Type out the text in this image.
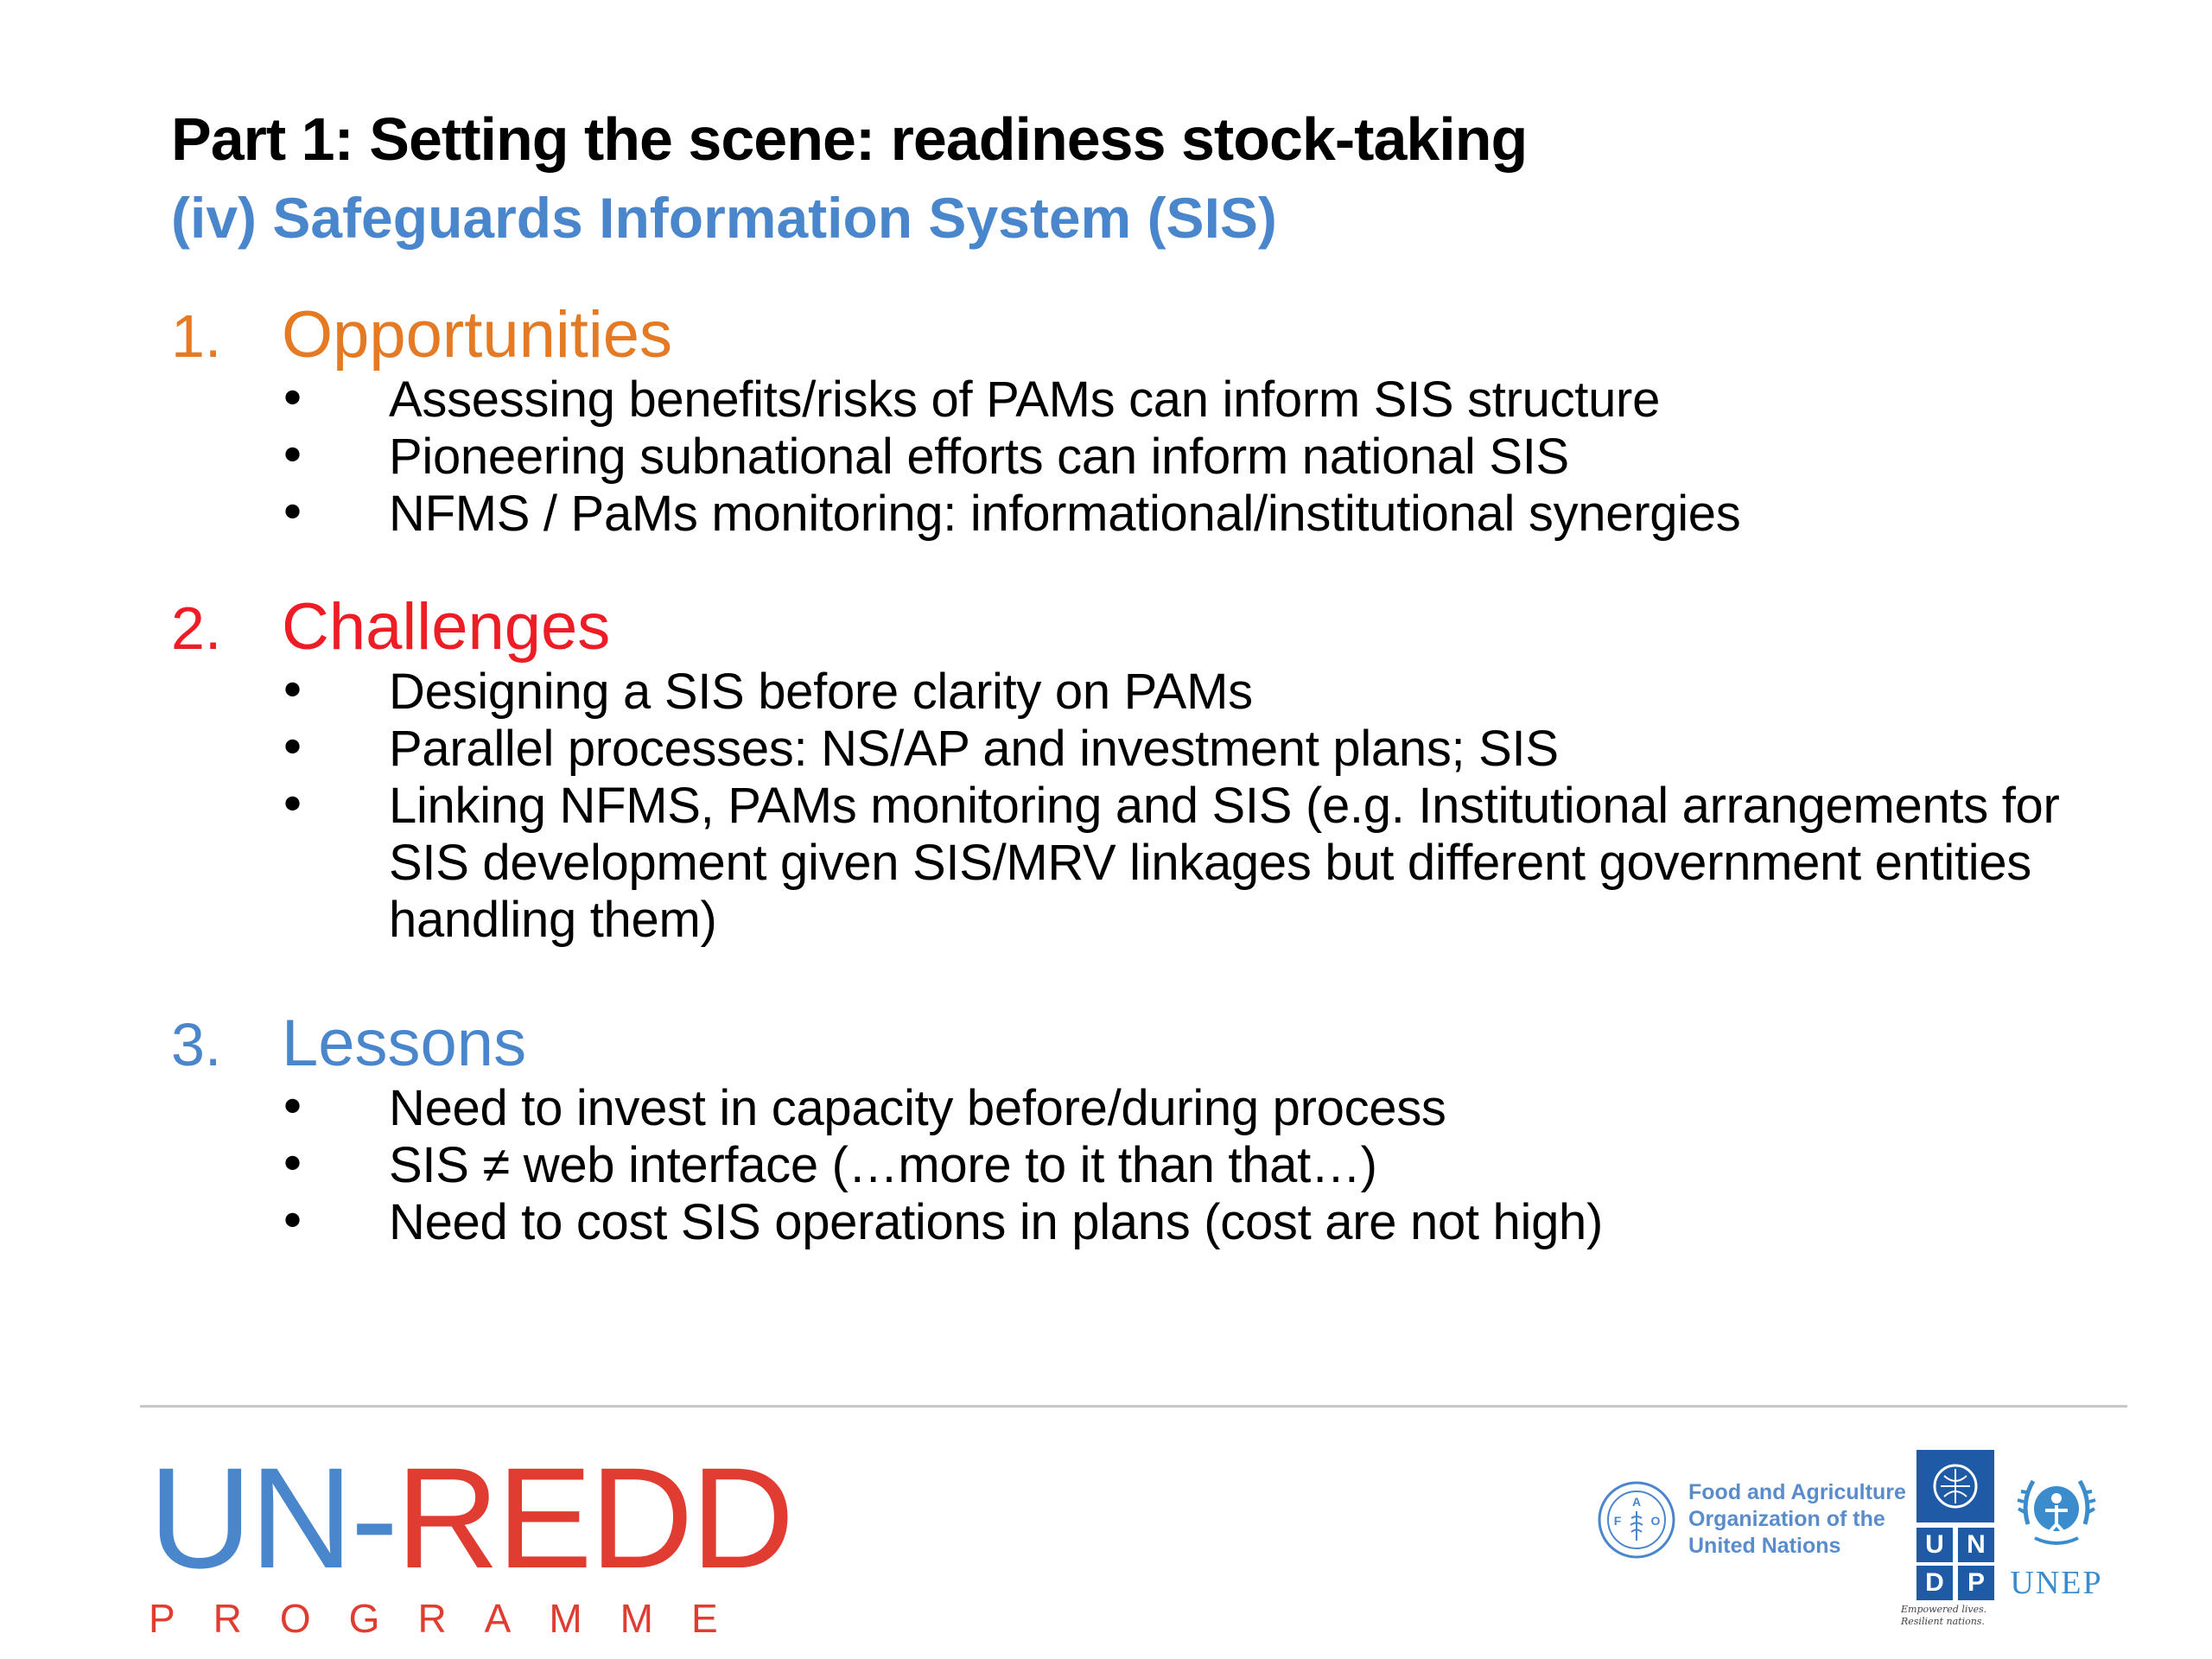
Part 1: Setting the scene: readiness stock-taking
(iv) Safeguards Information System (SIS)
1. Opportunities
•	Assessing benefits/risks of PAMs can inform SIS structure
•	Pioneering subnational efforts can inform national SIS
•	NFMS / PaMs monitoring: informational/institutional synergies
2. Challenges
•	Designing a SIS before clarity on PAMs
•	Parallel processes: NS/AP and investment plans; SIS
•	Linking NFMS, PAMs monitoring and SIS (e.g. Institutional arrangements for SIS development given SIS/MRV linkages but different government entities handling them)
3. Lessons
•	Need to invest in capacity before/during process
•	SIS ≠ web interface (…more to it than that…)
•	Need to cost SIS operations in plans (cost are not high)
UN-REDD
PROGRAMME
A
F O
Food and Agriculture
Organization of the
United Nations	U N
D P
Empowered lives.
Resilient nations.
UNEP
